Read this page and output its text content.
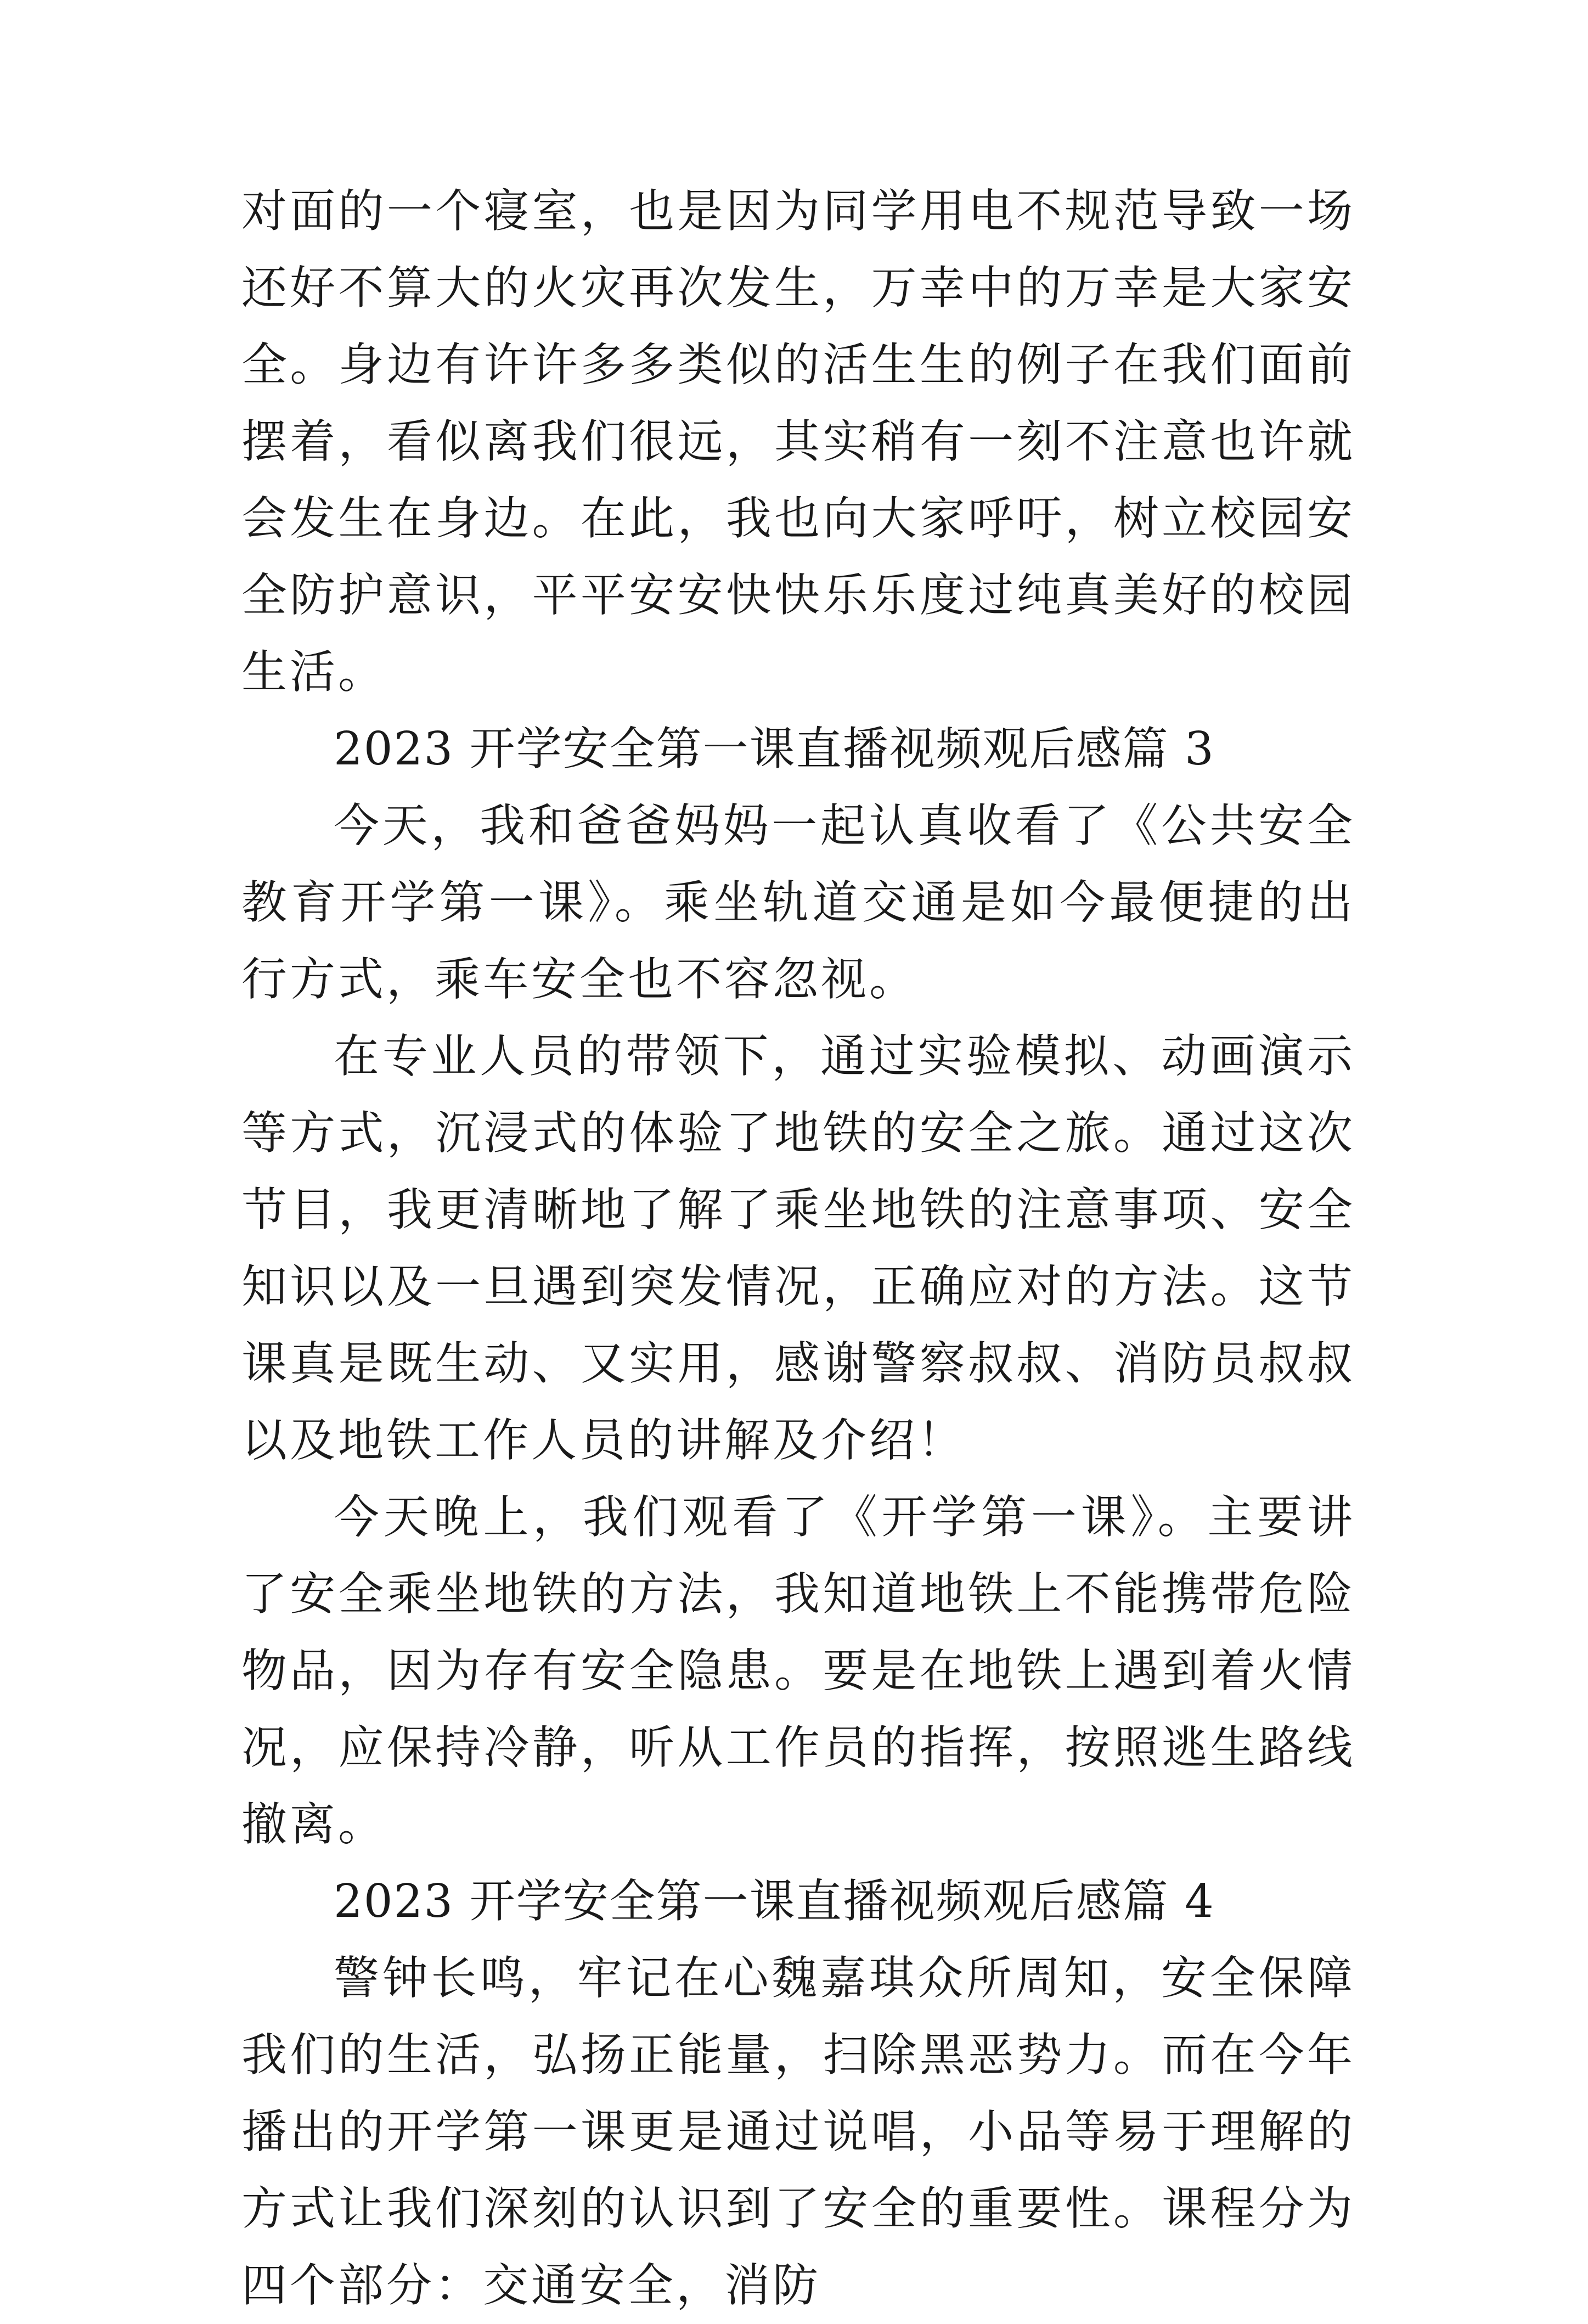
对面的一个寝室，也是因为同学用电不规范导致一场还好不算大的火灾再次发生，万幸中的万幸是大家安全。身边有许许多多类似的活生生的例子在我们面前摆着，看似离我们很远，其实稍有一刻不注意也许就会发生在身边。在此，我也向大家呼吁，树立校园安全防护意识，平平安安快快乐乐度过纯真美好的校园生活。

2023 开学安全第一课直播视频观后感篇 3

今天，我和爸爸妈妈一起认真收看了《公共安全教育开学第一课》。乘坐轨道交通是如今最便捷的出行方式，乘车安全也不容忽视。

在专业人员的带领下，通过实验模拟、动画演示等方式，沉浸式的体验了地铁的安全之旅。通过这次节目，我更清晰地了解了乘坐地铁的注意事项、安全知识以及一旦遇到突发情况，正确应对的方法。这节课真是既生动、又实用，感谢警察叔叔、消防员叔叔以及地铁工作人员的讲解及介绍！

今天晚上，我们观看了《开学第一课》。主要讲了安全乘坐地铁的方法，我知道地铁上不能携带危险物品，因为存有安全隐患。要是在地铁上遇到着火情况，应保持冷静，听从工作员的指挥，按照逃生路线撤离。

2023 开学安全第一课直播视频观后感篇 4

警钟长鸣，牢记在心魏嘉琪众所周知，安全保障我们的生活，弘扬正能量，扫除黑恶势力。而在今年播出的开学第一课更是通过说唱，小品等易于理解的方式让我们深刻的认识到了安全的重要性。课程分为四个部分：交通安全，消防
